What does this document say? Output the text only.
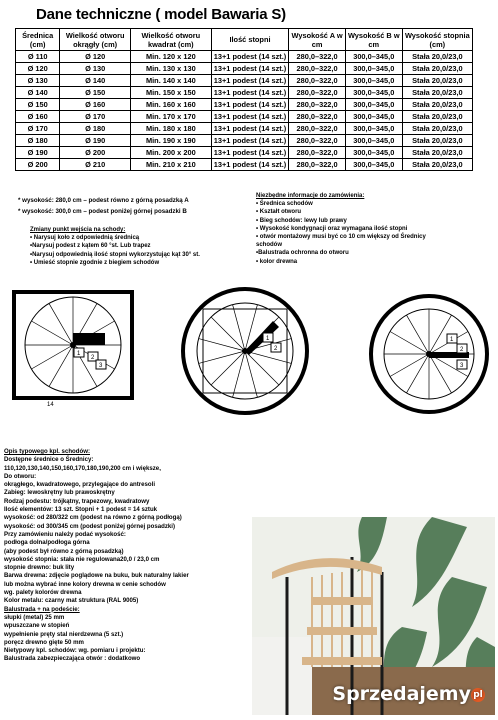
Dane techniczne ( model Bawaria S)
Średnica (cm)	Wielkość otworu okrągły (cm)	Wielkość otworu kwadrat (cm)	Ilość stopni	Wysokość A w cm	Wysokość B w cm	Wysokość stopnia (cm)
Ø 110	Ø 120	Min. 120 x 120	13+1 podest (14 szt.)	280,0–322,0	300,0–345,0	Stała 20,0/23,0
Ø 120	Ø 130	Min. 130 x 130	13+1 podest (14 szt.)	280,0–322,0	300,0–345,0	Stała 20,0/23,0
Ø 130	Ø 140	Min. 140 x 140	13+1 podest (14 szt.)	280,0–322,0	300,0–345,0	Stała 20,0/23,0
Ø 140	Ø 150	Min. 150 x 150	13+1 podest (14 szt.)	280,0–322,0	300,0–345,0	Stała 20,0/23,0
Ø 150	Ø 160	Min. 160 x 160	13+1 podest (14 szt.)	280,0–322,0	300,0–345,0	Stała 20,0/23,0
Ø 160	Ø 170	Min. 170 x 170	13+1 podest (14 szt.)	280,0–322,0	300,0–345,0	Stała 20,0/23,0
Ø 170	Ø 180	Min. 180 x 180	13+1 podest (14 szt.)	280,0–322,0	300,0–345,0	Stała 20,0/23,0
Ø 180	Ø 190	Min. 190 x 190	13+1 podest (14 szt.)	280,0–322,0	300,0–345,0	Stała 20,0/23,0
Ø 190	Ø 200	Min. 200 x 200	13+1 podest (14 szt.)	280,0–322,0	300,0–345,0	Stała 20,0/23,0
Ø 200	Ø 210	Min. 210 x 210	13+1 podest (14 szt.)	280,0–322,0	300,0–345,0	Stała 20,0/23,0
* wysokość: 280,0 cm – podest równo z górną posadzką A
* wysokość: 300,0 cm – podest poniżej górnej posadzki B
Zmiany punkt wejścia na schody:
• Narysuj koło z odpowiednią średnicą
•Narysuj podest z kątem 60 °st. Lub trapez
•Narysuj odpowiednią ilość stopni wykorzystując kąt 30° st.
• Umieść stopnie zgodnie z biegiem schodów
Niezbędne informacje do zamówienia:
• Średnica schodów
• Kształt otworu
• Bieg schodów: lewy lub prawy
• Wysokość kondygnacji oraz wymagana ilość stopni
• otwór montażowy musi być co 10 cm większy od Średnicy
schodów
•Balustrada ochronna do otworu
• kolor drewna
1
2
3
14
1
2
1
2
3
Opis typowego kpl. schodów:
Dostępne średnice o Średnicy:
110,120,130,140,150,160,170,180,190,200 cm i większe,
Do otworu:
okrągłego, kwadratowego, przylegające do antresoli
Zabieg: lewoskrętny lub prawoskrętny
Rodzaj podestu: trójkątny, trapezowy, kwadratowy
Ilość elementów: 13 szt. Stopni + 1 podest = 14 sztuk
wysokość: od 280/322 cm (podest na równo z górną podłogą)
wysokość: od 300/345 cm (podest poniżej górnej posadzki)
Przy zamówieniu należy podać wysokość:
podłoga dolna/podłoga górna
(aby podest był równo z górną posadzką)
wysokość stopnia: stała nie regulowana20,0 / 23,0 cm
stopnie drewno: buk lity
Barwa drewna: zdjęcie poglądowe na buku, buk naturalny lakier
lub można wybrać inne kolory drewna w cenie schodów
wg. palety kolorów drewna
Kolor metalu: czarny mat struktura (RAL 9005)
Balustrada + na podeście:
słupki (metal) 25 mm
wpuszczane w stopień
wypełnienie pręty stal nierdzewna (5 szt.)
poręcz drewno gięte 50 mm
Nietypowy kpl. schodów: wg. pomiaru i projektu:
Balustrada zabezpieczająca otwór : dodatkowo
Sprzedajemy pl
